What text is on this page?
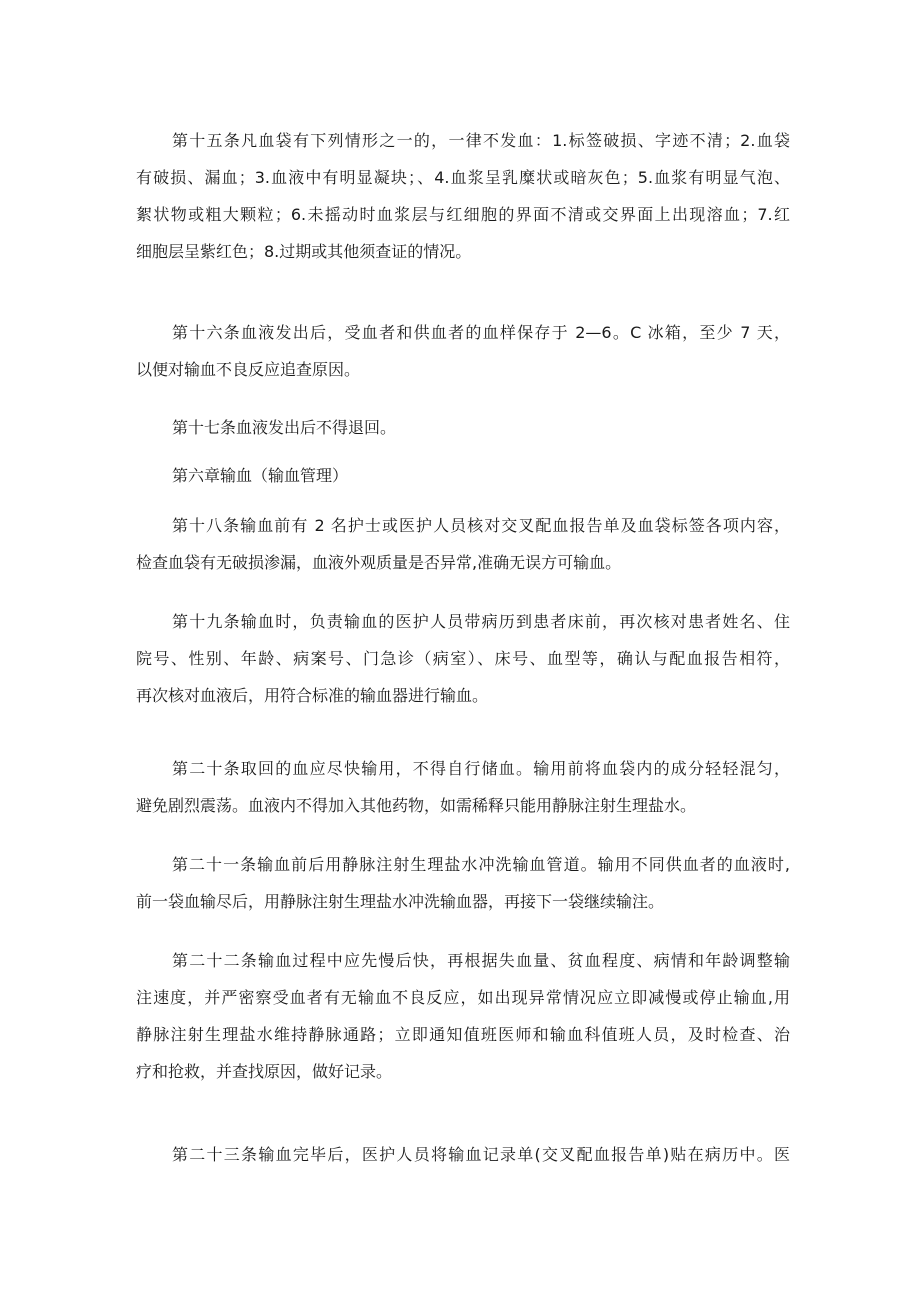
第十五条凡血袋有下列情形之一的，一律不发血：1.标签破损、字迹不清；2.血袋
有破损、漏血；3.血液中有明显凝块；、4.血浆呈乳糜状或暗灰色；5.血浆有明显气泡、
絮状物或粗大颗粒；6.未摇动时血浆层与红细胞的界面不清或交界面上出现溶血；7.红
细胞层呈紫红色；8.过期或其他须查证的情况。

第十六条血液发出后，受血者和供血者的血样保存于 2—6。C 冰箱，至少 7 天，
以便对输血不良反应追查原因。

第十七条血液发出后不得退回。

第六章输血（输血管理）

第十八条输血前有 2 名护士或医护人员核对交叉配血报告单及血袋标签各项内容，
检查血袋有无破损渗漏，血液外观质量是否异常,准确无误方可输血。

第十九条输血时，负责输血的医护人员带病历到患者床前，再次核对患者姓名、住
院号、性别、年龄、病案号、门急诊（病室）、床号、血型等，确认与配血报告相符，
再次核对血液后，用符合标准的输血器进行输血。

第二十条取回的血应尽快输用，不得自行储血。输用前将血袋内的成分轻轻混匀，
避免剧烈震荡。血液内不得加入其他药物，如需稀释只能用静脉注射生理盐水。

第二十一条输血前后用静脉注射生理盐水冲洗输血管道。输用不同供血者的血液时,
前一袋血输尽后，用静脉注射生理盐水冲洗输血器，再接下一袋继续输注。

第二十二条输血过程中应先慢后快，再根据失血量、贫血程度、病情和年龄调整输
注速度，并严密察受血者有无输血不良反应，如出现异常情况应立即减慢或停止输血,用
静脉注射生理盐水维持静脉通路；立即通知值班医师和输血科值班人员，及时检查、治
疗和抢救，并查找原因，做好记录。

第二十三条输血完毕后，医护人员将输血记录单(交叉配血报告单)贴在病历中。医
